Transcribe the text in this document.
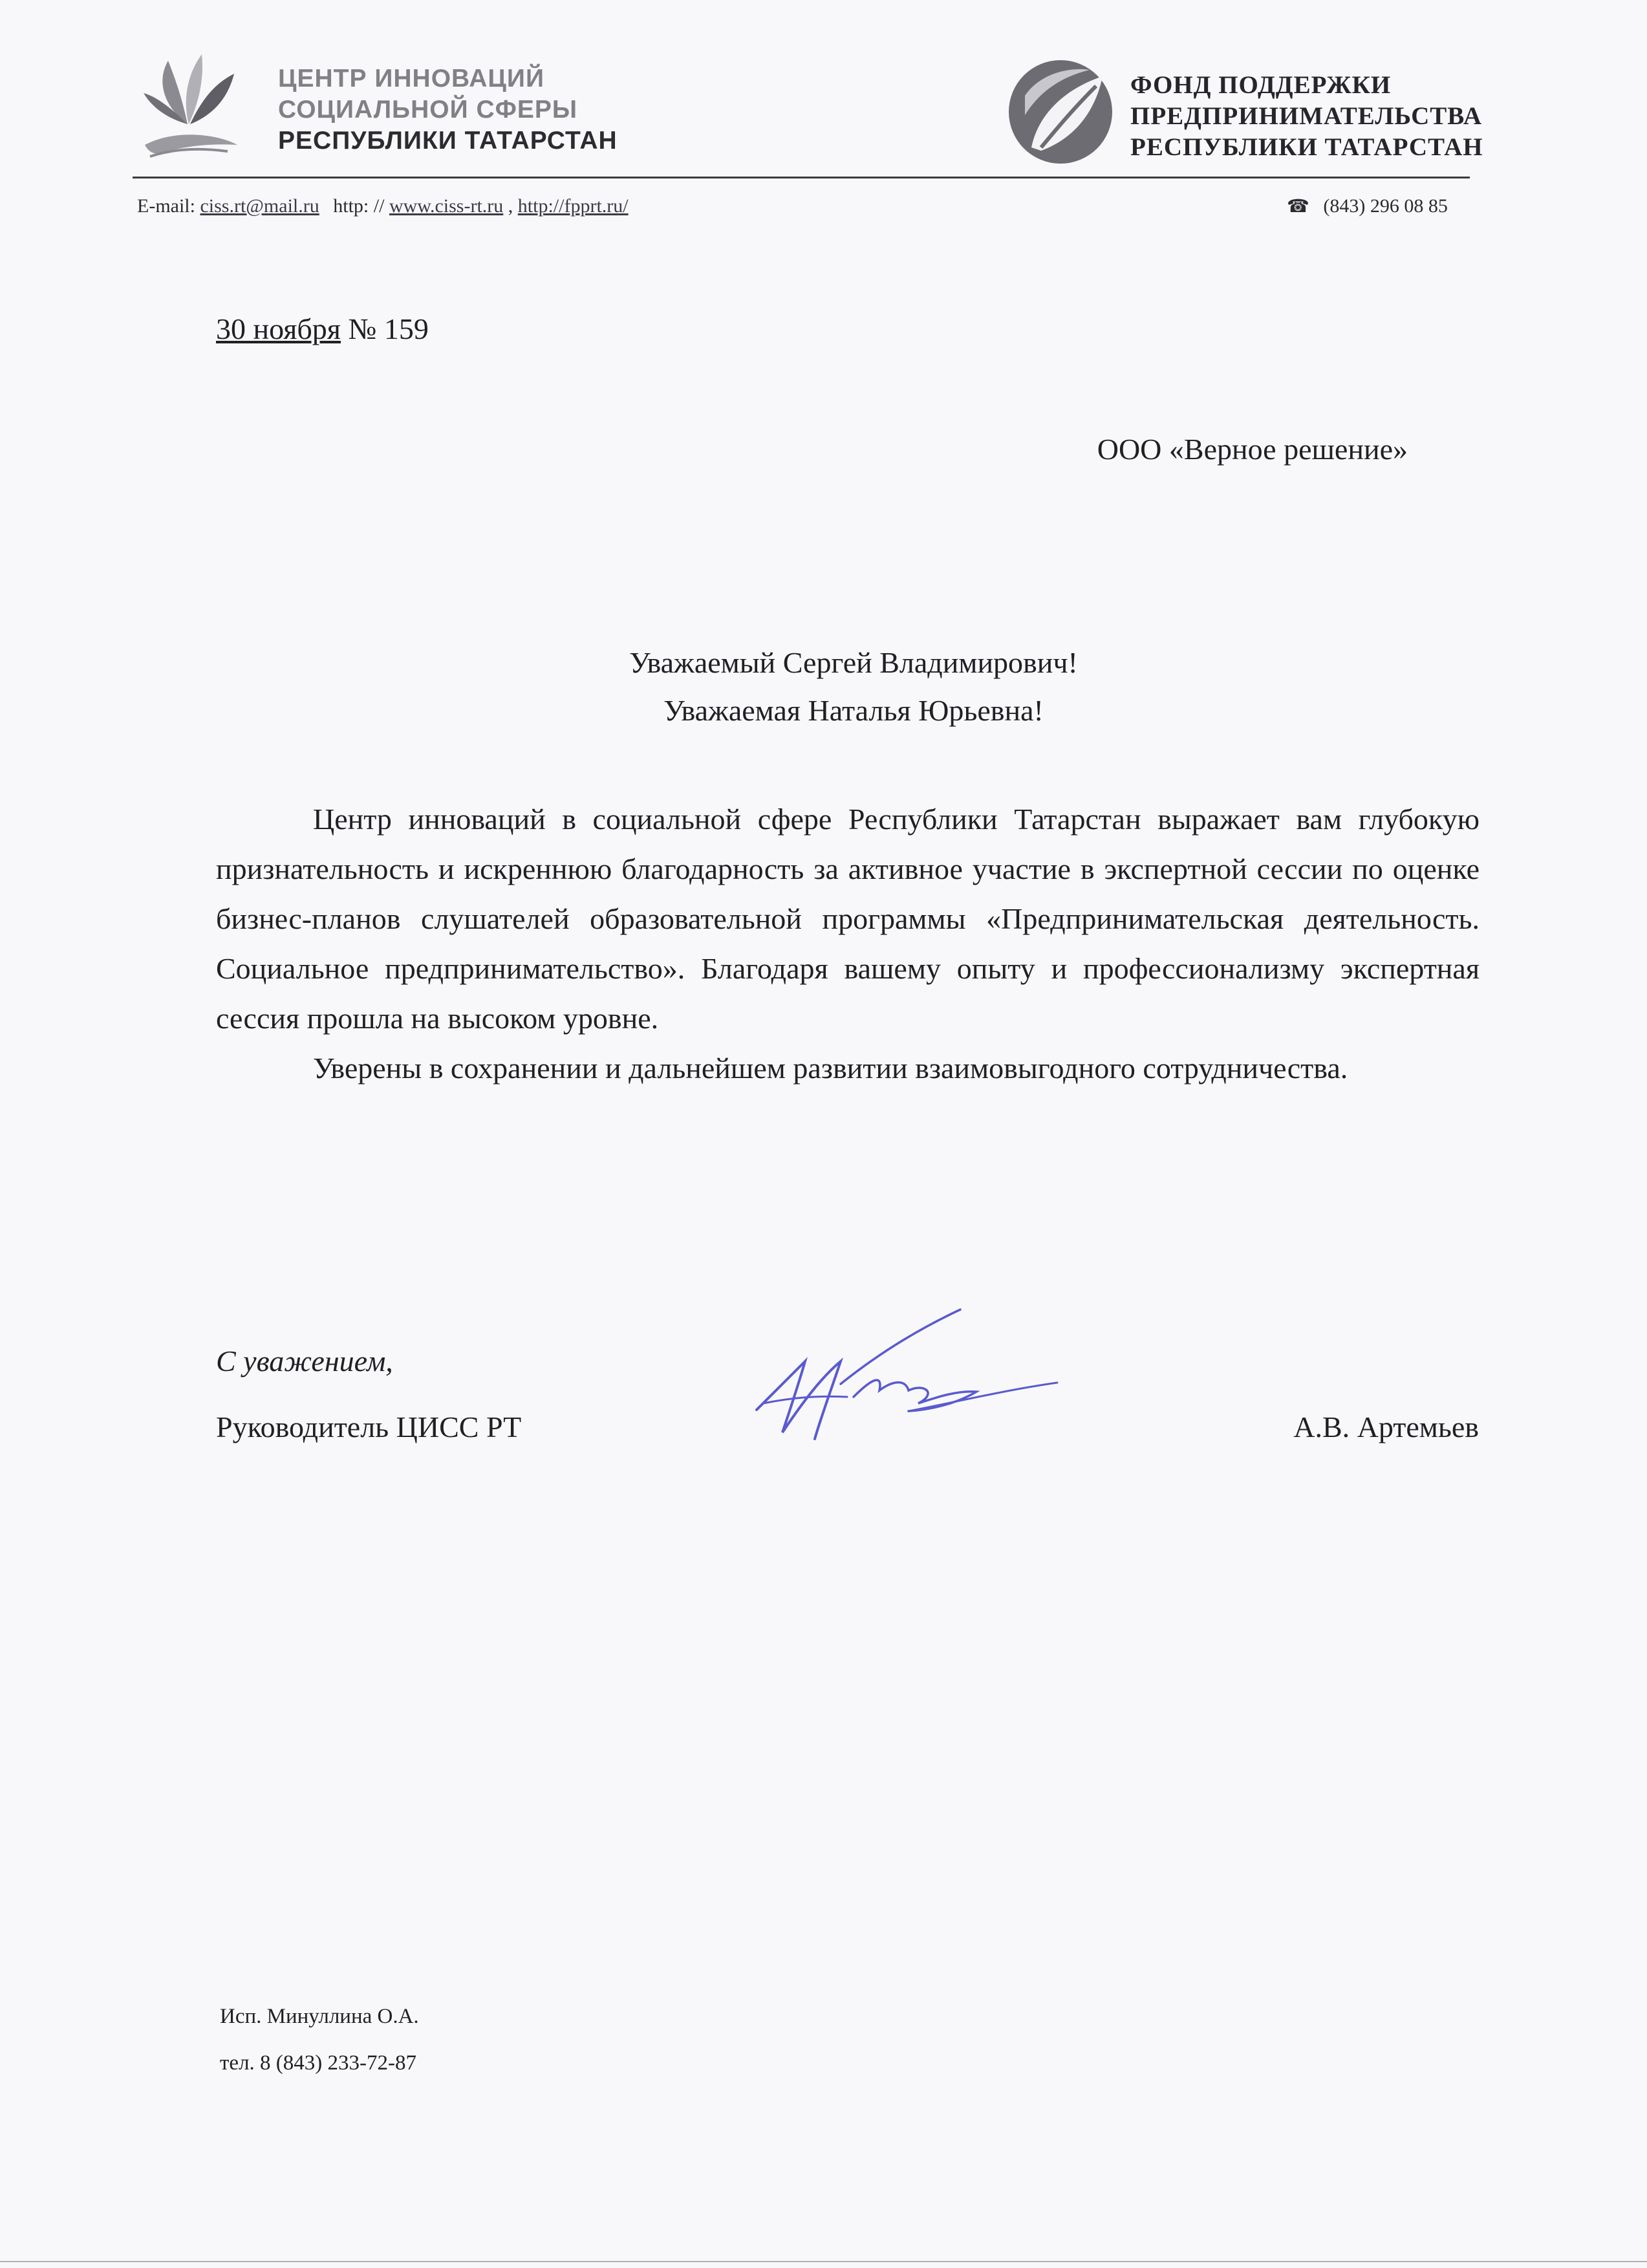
ЦЕНТР ИННОВАЦИЙ
СОЦИАЛЬНОЙ СФЕРЫ
РЕСПУБЛИКИ ТАТАРСТАН
ФОНД ПОДДЕРЖКИ
ПРЕДПРИНИМАТЕЛЬСТВА
РЕСПУБЛИКИ ТАТАРСТАН
E-mail: ciss.rt@mail.ru http: // www.ciss-rt.ru , http://fpprt.ru/	☎ (843) 296 08 85
30 ноября № 159
ООО «Верное решение»
Уважаемый Сергей Владимирович!
Уважаемая Наталья Юрьевна!

Центр инноваций в социальной сфере Республики Татарстан выражает вам глубокую признательность и искреннюю благодарность за активное участие в экспертной сессии по оценке бизнес-планов слушателей образовательной программы «Предпринимательская деятельность. Социальное предпринимательство». Благодаря вашему опыту и профессионализму экспертная сессия прошла на высоком уровне.

Уверены в сохранении и дальнейшем развитии взаимовыгодного сотрудничества.

С уважением,
Руководитель ЦИСС РТ	А.В. Артемьев
Исп. Минуллина О.А.
тел. 8 (843) 233-72-87
